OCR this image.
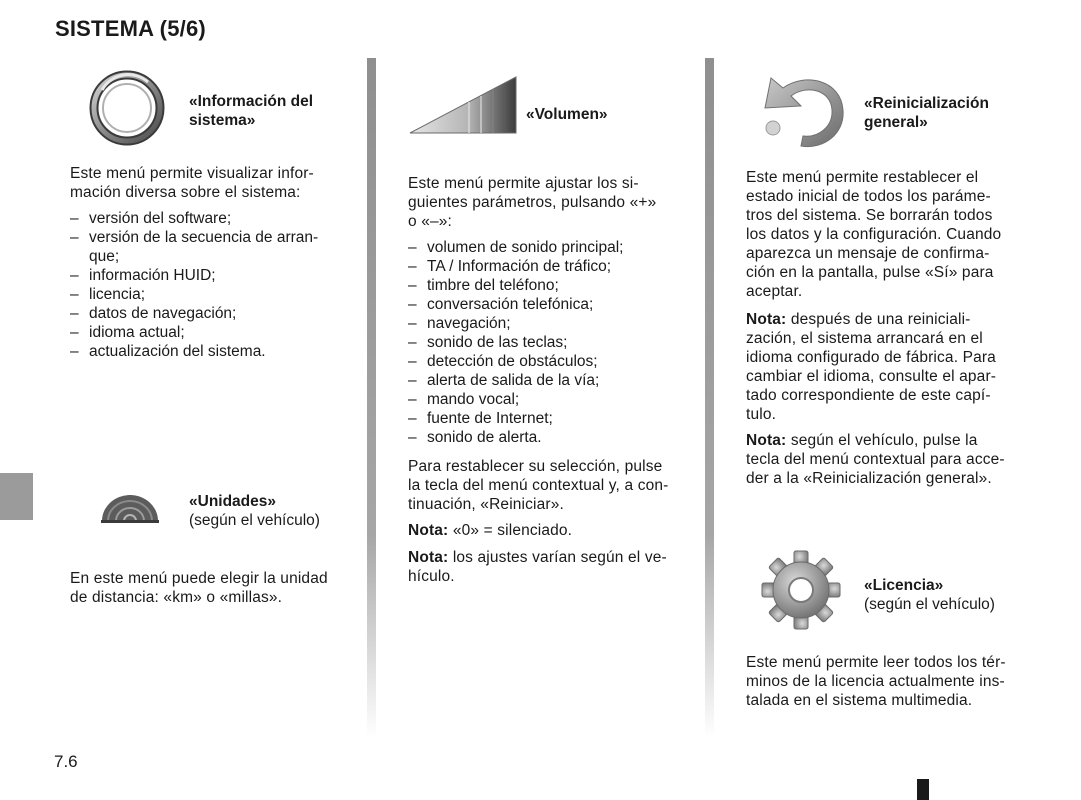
SISTEMA (5/6)
«Información del
sistema»
Este menú permite visualizar infor-
mación diversa sobre el sistema:
– versión del software;
– versión de la secuencia de arran-
que;
– información HUID;
– licencia;
– datos de navegación;
– idioma actual;
– actualización del sistema.
«Unidades»
(según el vehículo)
En este menú puede elegir la unidad
de distancia: «km» o «millas».
«Volumen»
Este menú permite ajustar los si-
guientes parámetros, pulsando «+»
o «–»:
– volumen de sonido principal;
– TA / Información de tráfico;
– timbre del teléfono;
– conversación telefónica;
– navegación;
– sonido de las teclas;
– detección de obstáculos;
– alerta de salida de la vía;
– mando vocal;
– fuente de Internet;
– sonido de alerta.
Para restablecer su selección, pulse
la tecla del menú contextual y, a con-
tinuación, «Reiniciar».
Nota: «0» = silenciado.
Nota: los ajustes varían según el ve-
hículo.
«Reinicialización
general»
Este menú permite restablecer el
estado inicial de todos los paráme-
tros del sistema. Se borrarán todos
los datos y la configuración. Cuando
aparezca un mensaje de confirma-
ción en la pantalla, pulse «Sí» para
aceptar.
Nota: después de una reiniciali-
zación, el sistema arrancará en el
idioma configurado de fábrica. Para
cambiar el idioma, consulte el apar-
tado correspondiente de este capí-
tulo.
Nota: según el vehículo, pulse la
tecla del menú contextual para acce-
der a la «Reinicialización general».
«Licencia»
(según el vehículo)
Este menú permite leer todos los tér-
minos de la licencia actualmente ins-
talada en el sistema multimedia.
7.6
